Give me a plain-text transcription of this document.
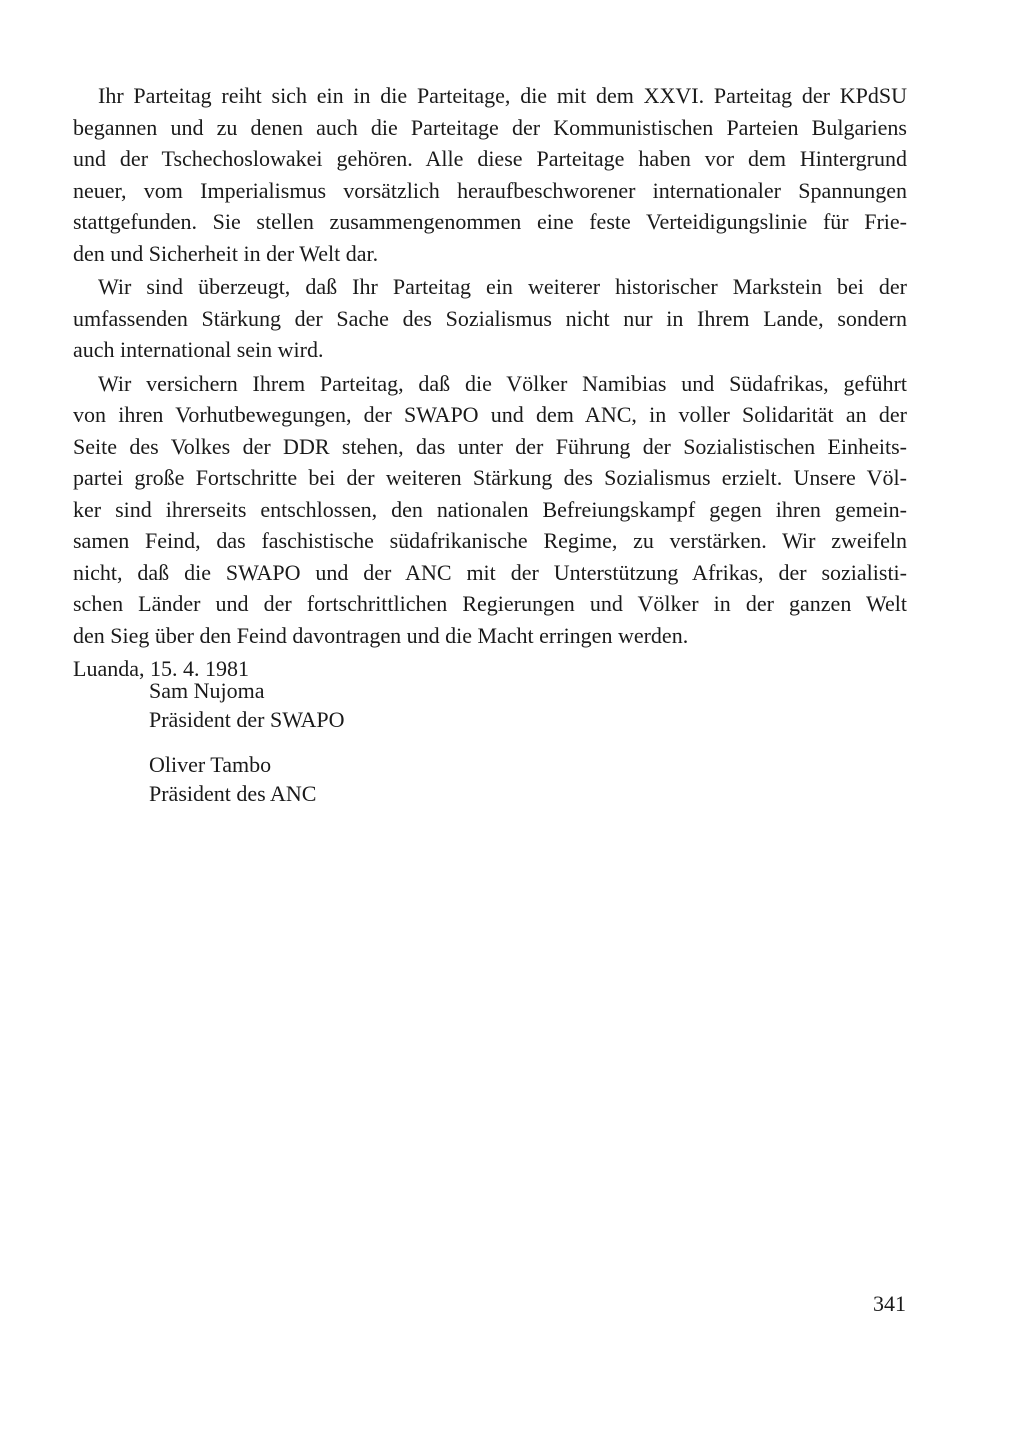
Ihr Parteitag reiht sich ein in die Parteitage, die mit dem XXVI. Parteitag der KPdSU
begannen und zu denen auch die Parteitage der Kommunistischen Parteien Bulgariens
und der Tschechoslowakei gehören. Alle diese Parteitage haben vor dem Hintergrund
neuer, vom Imperialismus vorsätzlich heraufbeschworener internationaler Spannungen
stattgefunden. Sie stellen zusammengenommen eine feste Verteidigungslinie für Frie-
den und Sicherheit in der Welt dar.
Wir sind überzeugt, daß Ihr Parteitag ein weiterer historischer Markstein bei der
umfassenden Stärkung der Sache des Sozialismus nicht nur in Ihrem Lande, sondern
auch international sein wird.
Wir versichern Ihrem Parteitag, daß die Völker Namibias und Südafrikas, geführt
von ihren Vorhutbewegungen, der SWAPO und dem ANC, in voller Solidarität an der
Seite des Volkes der DDR stehen, das unter der Führung der Sozialistischen Einheits-
partei große Fortschritte bei der weiteren Stärkung des Sozialismus erzielt. Unsere Völ-
ker sind ihrerseits entschlossen, den nationalen Befreiungskampf gegen ihren gemein-
samen Feind, das faschistische südafrikanische Regime, zu verstärken. Wir zweifeln
nicht, daß die SWAPO und der ANC mit der Unterstützung Afrikas, der sozialisti-
schen Länder und der fortschrittlichen Regierungen und Völker in der ganzen Welt
den Sieg über den Feind davontragen und die Macht erringen werden.

Luanda, 15. 4. 1981

Sam Nujoma
Präsident der SWAPO
Oliver Tambo
Präsident des ANC
341
